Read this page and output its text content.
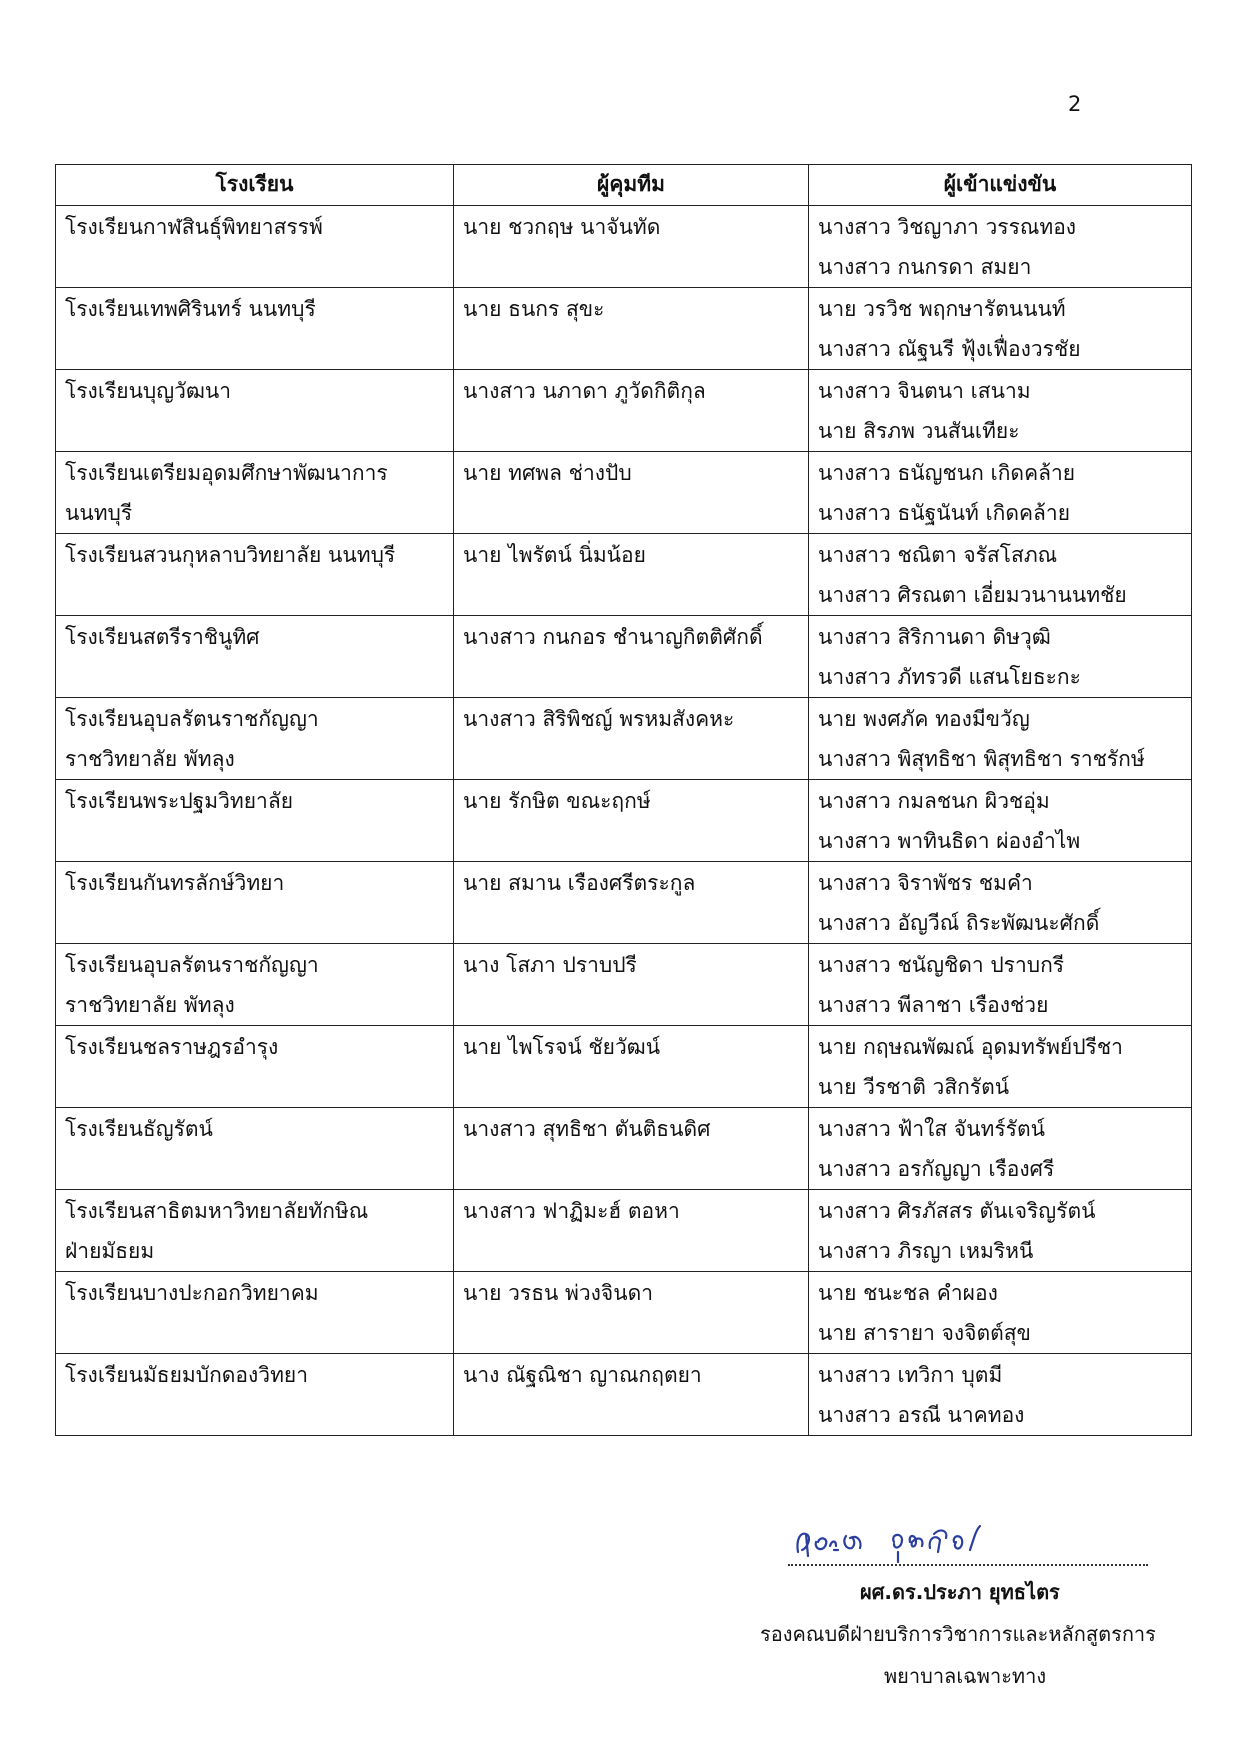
2
โรงเรียน	ผู้คุมทีม	ผู้เข้าแข่งขัน

โรงเรียนกาฬสินธุ์พิทยาสรรพ์	นาย ชวกฤษ นาจันทัด	นางสาว วิชญาภา วรรณทอง
นางสาว กนกรดา สมยา

โรงเรียนเทพศิรินทร์ นนทบุรี	นาย ธนกร สุขะ	นาย วรวิช พฤกษารัตนนนท์
นางสาว ณัฐนรี ฟุ้งเฟื่องวรชัย

โรงเรียนบุญวัฒนา	นางสาว นภาดา ภูวัดกิติกุล	นางสาว จินตนา เสนาม
นาย สิรภพ วนสันเทียะ

โรงเรียนเตรียมอุดมศึกษาพัฒนาการ
นนทบุรี	นาย ทศพล ช่างปับ	นางสาว ธนัญชนก เกิดคล้าย
นางสาว ธนัฐนันท์ เกิดคล้าย

โรงเรียนสวนกุหลาบวิทยาลัย นนทบุรี	นาย ไพรัตน์ นิ่มน้อย	นางสาว ชณิตา จรัสโสภณ
นางสาว ศิรณตา เอี่ยมวนานนทชัย

โรงเรียนสตรีราชินูทิศ	นางสาว กนกอร ชำนาญกิตติศักดิ์	นางสาว สิริกานดา ดิษวุฒิ
นางสาว ภัทรวดี แสนโยธะกะ

โรงเรียนอุบลรัตนราชกัญญา
ราชวิทยาลัย พัทลุง	นางสาว สิริพิชญ์ พรหมสังคหะ	นาย พงศภัค ทองมีขวัญ
นางสาว พิสุทธิชา พิสุทธิชา ราชรักษ์

โรงเรียนพระปฐมวิทยาลัย	นาย รักษิต ขณะฤกษ์	นางสาว กมลชนก ผิวชอุ่ม
นางสาว พาทินธิดา ผ่องอำไพ

โรงเรียนกันทรลักษ์วิทยา	นาย สมาน เรืองศรีตระกูล	นางสาว จิราพัชร ชมคำ
นางสาว อัญวีณ์ ถิระพัฒนะศักดิ์

โรงเรียนอุบลรัตนราชกัญญา
ราชวิทยาลัย พัทลุง	นาง โสภา ปราบปรี	นางสาว ชนัญชิดา ปราบกรี
นางสาว พีลาชา เรืองช่วย

โรงเรียนชลราษฎรอำรุง	นาย ไพโรจน์ ชัยวัฒน์	นาย กฤษณพัฒณ์ อุดมทรัพย์ปรีชา
นาย วีรชาติ วสิกรัตน์

โรงเรียนธัญรัตน์	นางสาว สุทธิชา ตันติธนดิศ	นางสาว ฟ้าใส จันทร์รัตน์
นางสาว อรกัญญา เรืองศรี

โรงเรียนสาธิตมหาวิทยาลัยทักษิณ
ฝ่ายมัธยม	นางสาว ฟาฏิมะฮ์ ตอหา	นางสาว ศิรภัสสร ตันเจริญรัตน์
นางสาว ภิรญา เหมริหนี

โรงเรียนบางปะกอกวิทยาคม	นาย วรธน พ่วงจินดา	นาย ชนะชล คำผอง
นาย สารายา จงจิตต์สุข

โรงเรียนมัธยมบักดองวิทยา	นาง ณัฐณิชา ญาณกฤตยา	นางสาว เทวิกา บุตมี
นางสาว อรณี นาคทอง
ผศ.ดร.ประภา ยุทธไตร
รองคณบดีฝ่ายบริการวิชาการและหลักสูตรการ
พยาบาลเฉพาะทาง
